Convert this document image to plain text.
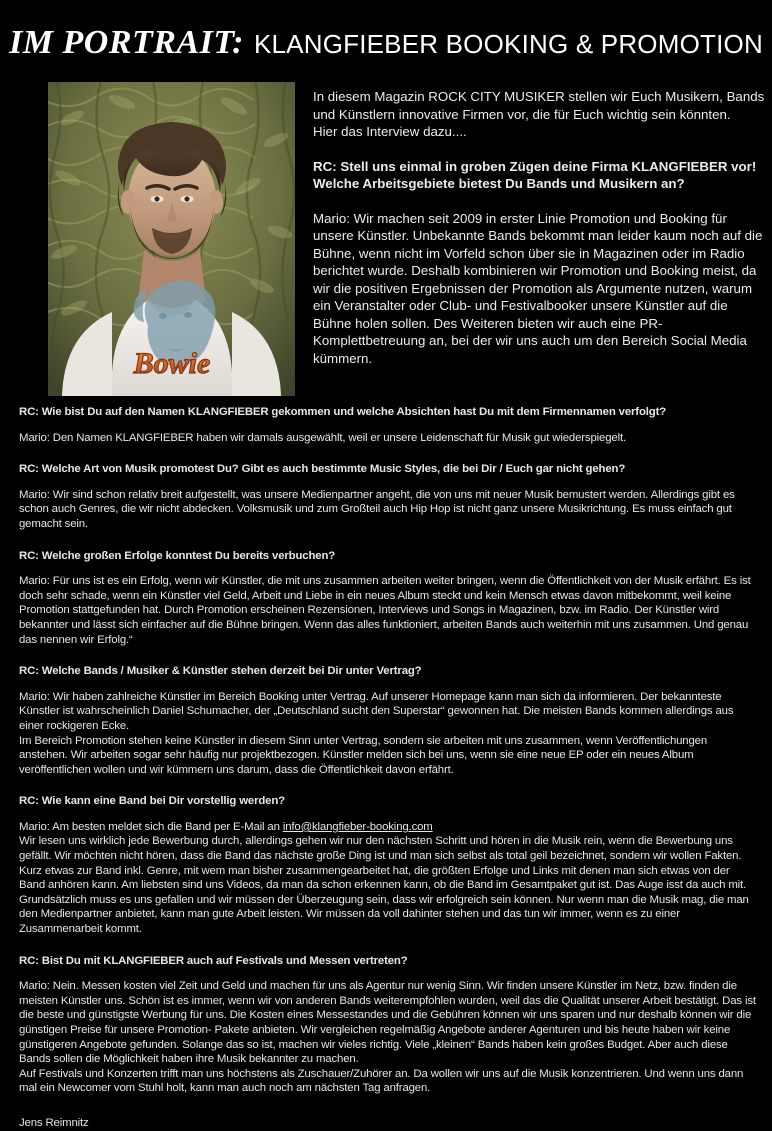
IM PORTRAIT: KLANGFIEBER BOOKING & PROMOTION
Bowie

In diesem Magazin ROCK CITY MUSIKER stellen wir Euch Musikern, Bands und Künstlern innovative Firmen vor, die für Euch wichtig sein könnten.

Hier das Interview dazu....

RC: Stell uns einmal in groben Zügen deine Firma KLANGFIEBER vor! Welche Arbeitsgebiete bietest Du Bands und Musikern an?

Mario: Wir machen seit 2009 in erster Linie Promotion und Booking für unsere Künstler. Unbekannte Bands bekommt man leider kaum noch auf die Bühne, wenn nicht im Vorfeld schon über sie in Magazinen oder im Radio berichtet wurde. Deshalb kombinieren wir Promotion und Booking meist, da wir die positiven Ergebnissen der Promotion als Argumente nutzen, warum ein Veranstalter oder Club- und Festivalbooker unsere Künstler auf die Bühne holen sollen. Des Weiteren bieten wir auch eine PR-Komplettbetreuung an, bei der wir uns auch um den Bereich Social Media kümmern.

RC: Wie bist Du auf den Namen KLANGFIEBER gekommen und welche Absichten hast Du mit dem Firmennamen verfolgt?

Mario: Den Namen KLANGFIEBER haben wir damals ausgewählt, weil er unsere Leidenschaft für Musik gut wiederspiegelt.

RC: Welche Art von Musik promotest Du? Gibt es auch bestimmte Music Styles, die bei Dir / Euch gar nicht gehen?

Mario: Wir sind schon relativ breit aufgestellt, was unsere Medienpartner angeht, die von uns mit neuer Musik bemustert werden. Allerdings gibt es schon auch Genres, die wir nicht abdecken. Volksmusik und zum Großteil auch Hip Hop ist nicht ganz unsere Musikrichtung. Es muss einfach gut gemacht sein.

RC: Welche großen Erfolge konntest Du bereits verbuchen?

Mario: Für uns ist es ein Erfolg, wenn wir Künstler, die mit uns zusammen arbeiten weiter bringen, wenn die Öffentlichkeit von der Musik erfährt. Es ist doch sehr schade, wenn ein Künstler viel Geld, Arbeit und Liebe in ein neues Album steckt und kein Mensch etwas davon mitbekommt, weil keine Promotion stattgefunden hat. Durch Promotion erscheinen Rezensionen, Interviews und Songs in Magazinen, bzw. im Radio. Der Künstler wird bekannter und lässt sich einfacher auf die Bühne bringen. Wenn das alles funktioniert, arbeiten Bands auch weiterhin mit uns zusammen. Und genau das nennen wir Erfolg.“

RC: Welche Bands / Musiker & Künstler stehen derzeit bei Dir unter Vertrag?

Mario: Wir haben zahlreiche Künstler im Bereich Booking unter Vertrag. Auf unserer Homepage kann man sich da informieren. Der bekannteste Künstler ist wahrscheinlich Daniel Schumacher, der „Deutschland sucht den Superstar“ gewonnen hat. Die meisten Bands kommen allerdings aus einer rockigeren Ecke.

Im Bereich Promotion stehen keine Künstler in diesem Sinn unter Vertrag, sondern sie arbeiten mit uns zusammen, wenn Veröffentlichungen anstehen. Wir arbeiten sogar sehr häufig nur projektbezogen. Künstler melden sich bei uns, wenn sie eine neue EP oder ein neues Album veröffentlichen wollen und wir kümmern uns darum, dass die Öffentlichkeit davon erfährt.

RC: Wie kann eine Band bei Dir vorstellig werden?

Mario: Am besten meldet sich die Band per E-Mail an info@klangfieber-booking.com

Wir lesen uns wirklich jede Bewerbung durch, allerdings gehen wir nur den nächsten Schritt und hören in die Musik rein, wenn die Bewerbung uns gefällt. Wir möchten nicht hören, dass die Band das nächste große Ding ist und man sich selbst als total geil bezeichnet, sondern wir wollen Fakten. Kurz etwas zur Band inkl. Genre, mit wem man bisher zusammengearbeitet hat, die größten Erfolge und Links mit denen man sich etwas von der Band anhören kann. Am liebsten sind uns Videos, da man da schon erkennen kann, ob die Band im Gesamtpaket gut ist. Das Auge isst da auch mit. Grundsätzlich muss es uns gefallen und wir müssen der Überzeugung sein, dass wir erfolgreich sein können. Nur wenn man die Musik mag, die man den Medienpartner anbietet, kann man gute Arbeit leisten. Wir müssen da voll dahinter stehen und das tun wir immer, wenn es zu einer Zusammenarbeit kommt.

RC: Bist Du mit KLANGFIEBER auch auf Festivals und Messen vertreten?

Mario: Nein. Messen kosten viel Zeit und Geld und machen für uns als Agentur nur wenig Sinn. Wir finden unsere Künstler im Netz, bzw. finden die meisten Künstler uns. Schön ist es immer, wenn wir von anderen Bands weiterempfohlen wurden, weil das die Qualität unserer Arbeit bestätigt. Das ist die beste und günstigste Werbung für uns. Die Kosten eines Messestandes und die Gebühren können wir uns sparen und nur deshalb können wir die günstigen Preise für unsere Promotion- Pakete anbieten. Wir vergleichen regelmäßig Angebote anderer Agenturen und bis heute haben wir keine günstigeren Angebote gefunden. Solange das so ist, machen wir vieles richtig. Viele „kleinen“ Bands haben kein großes Budget. Aber auch diese Bands sollen die Möglichkeit haben ihre Musik bekannter zu machen.

Auf Festivals und Konzerten trifft man uns höchstens als Zuschauer/Zuhörer an. Da wollen wir uns auf die Musik konzentrieren. Und wenn uns dann mal ein Newcomer vom Stuhl holt, kann man auch noch am nächsten Tag anfragen.

Jens Reimnitz
